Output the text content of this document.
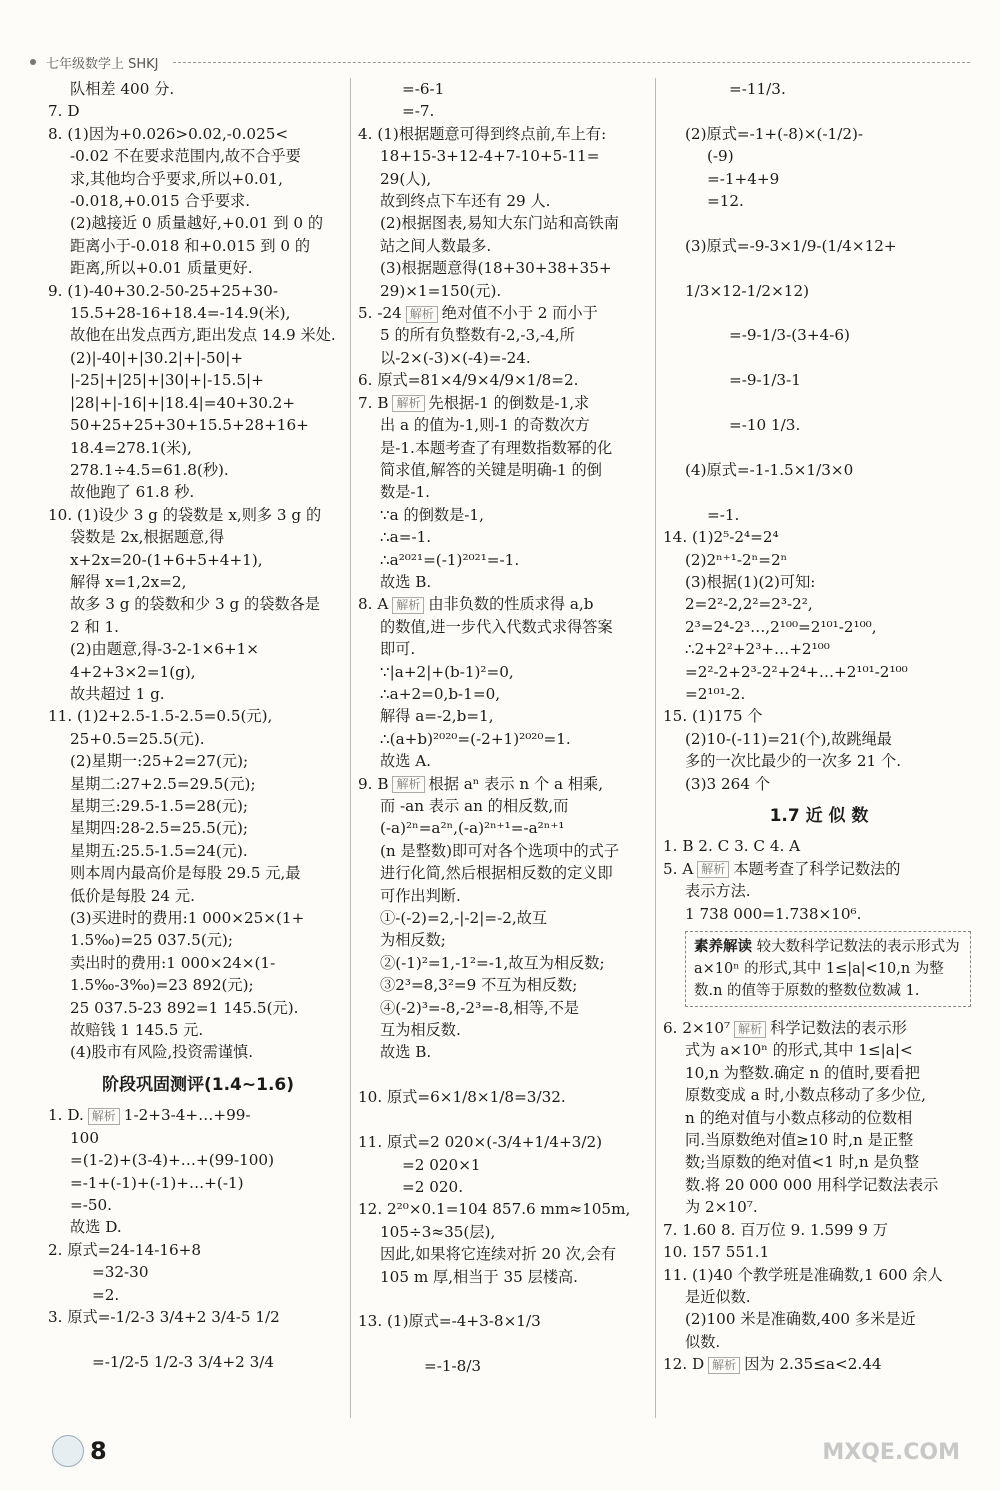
七年级数学上 SHKJ
队相差 400 分.
7. D
8. (1)因为+0.026>0.02,-0.025<
-0.02 不在要求范围内,故不合乎要
求,其他均合乎要求,所以+0.01,
-0.018,+0.015 合乎要求.
(2)越接近 0 质量越好,+0.01 到 0 的
距离小于-0.018 和+0.015 到 0 的
距离,所以+0.01 质量更好.
9. (1)-40+30.2-50-25+25+30-
15.5+28-16+18.4=-14.9(米),
故他在出发点西方,距出发点 14.9 米处.
(2)|-40|+|30.2|+|-50|+
|-25|+|25|+|30|+|-15.5|+
|28|+|-16|+|18.4|=40+30.2+
50+25+25+30+15.5+28+16+
18.4=278.1(米),
278.1÷4.5=61.8(秒).
故他跑了 61.8 秒.
10. (1)设少 3 g 的袋数是 x,则多 3 g 的
袋数是 2x,根据题意,得
x+2x=20-(1+6+5+4+1),
解得 x=1,2x=2,
故多 3 g 的袋数和少 3 g 的袋数各是
2 和 1.
(2)由题意,得-3-2-1×6+1×
4+2+3×2=1(g),
故共超过 1 g.
11. (1)2+2.5-1.5-2.5=0.5(元),
25+0.5=25.5(元).
(2)星期一:25+2=27(元);
星期二:27+2.5=29.5(元);
星期三:29.5-1.5=28(元);
星期四:28-2.5=25.5(元);
星期五:25.5-1.5=24(元).
则本周内最高价是每股 29.5 元,最
低价是每股 24 元.
(3)买进时的费用:1 000×25×(1+
1.5‰)=25 037.5(元);
卖出时的费用:1 000×24×(1-
1.5‰-3‰)=23 892(元);
25 037.5-23 892=1 145.5(元).
故赔钱 1 145.5 元.
(4)股市有风险,投资需谨慎.
阶段巩固测评(1.4~1.6)
1. D. 解析 1-2+3-4+…+99-
100
=(1-2)+(3-4)+…+(99-100)
=-1+(-1)+(-1)+…+(-1)
=-50.
故选 D.
2. 原式=24-14-16+8
=32-30
=2.
3. 原式=-1/2-3 3/4+2 3/4-5 1/2

=-1/2-5 1/2-3 3/4+2 3/4
=-6-1
=-7.
4. (1)根据题意可得到终点前,车上有:
18+15-3+12-4+7-10+5-11=
29(人),
故到终点下车还有 29 人.
(2)根据图表,易知大东门站和高铁南
站之间人数最多.
(3)根据题意得(18+30+38+35+
29)×1=150(元).
5. -24 解析 绝对值不小于 2 而小于
5 的所有负整数有-2,-3,-4,所
以-2×(-3)×(-4)=-24.
6. 原式=81×4/9×4/9×1/8=2.
7. B 解析 先根据-1 的倒数是-1,求
出 a 的值为-1,则-1 的奇数次方
是-1.本题考查了有理数指数幂的化
简求值,解答的关键是明确-1 的倒
数是-1.
∵a 的倒数是-1,
∴a=-1.
∴a²⁰²¹=(-1)²⁰²¹=-1.
故选 B.
8. A 解析 由非负数的性质求得 a,b
的数值,进一步代入代数式求得答案
即可.
∵|a+2|+(b-1)²=0,
∴a+2=0,b-1=0,
解得 a=-2,b=1,
∴(a+b)²⁰²⁰=(-2+1)²⁰²⁰=1.
故选 A.
9. B 解析 根据 aⁿ 表示 n 个 a 相乘,
而 -an 表示 an 的相反数,而
(-a)²ⁿ=a²ⁿ,(-a)²ⁿ⁺¹=-a²ⁿ⁺¹
(n 是整数)即可对各个选项中的式子
进行化简,然后根据相反数的定义即
可作出判断.
①-(-2)=2,-|-2|=-2,故互
为相反数;
②(-1)²=1,-1²=-1,故互为相反数;
③2³=8,3²=9 不互为相反数;
④(-2)³=-8,-2³=-8,相等,不是
互为相反数.
故选 B.

10. 原式=6×1/8×1/8=3/32.

11. 原式=2 020×(-3/4+1/4+3/2)
=2 020×1
=2 020.
12. 2²⁰×0.1=104 857.6 mm≈105m,
105÷3≈35(层),
因此,如果将它连续对折 20 次,会有
105 m 厚,相当于 35 层楼高.

13. (1)原式=-4+3-8×1/3

=-1-8/3
=-11/3.

(2)原式=-1+(-8)×(-1/2)-
(-9)
=-1+4+9
=12.

(3)原式=-9-3×1/9-(1/4×12+

1/3×12-1/2×12)

=-9-1/3-(3+4-6)

=-9-1/3-1

=-10 1/3.

(4)原式=-1-1.5×1/3×0

=-1.
14. (1)2⁵-2⁴=2⁴
(2)2ⁿ⁺¹-2ⁿ=2ⁿ
(3)根据(1)(2)可知:
2=2²-2,2²=2³-2²,
2³=2⁴-2³…,2¹⁰⁰=2¹⁰¹-2¹⁰⁰,
∴2+2²+2³+…+2¹⁰⁰
=2²-2+2³-2²+2⁴+…+2¹⁰¹-2¹⁰⁰
=2¹⁰¹-2.
15. (1)175 个
(2)10-(-11)=21(个),故跳绳最
多的一次比最少的一次多 21 个.
(3)3 264 个
1.7 近 似 数
1. B 2. C 3. C 4. A
5. A 解析 本题考查了科学记数法的
表示方法.
1 738 000=1.738×10⁶.
素养解读 较大数科学记数法的表示形式为 a×10ⁿ 的形式,其中 1≤|a|<10,n 为整数.n 的值等于原数的整数位数减 1.
6. 2×10⁷ 解析 科学记数法的表示形
式为 a×10ⁿ 的形式,其中 1≤|a|<
10,n 为整数.确定 n 的值时,要看把
原数变成 a 时,小数点移动了多少位,
n 的绝对值与小数点移动的位数相
同.当原数绝对值≥10 时,n 是正整
数;当原数的绝对值<1 时,n 是负整
数.将 20 000 000 用科学记数法表示
为 2×10⁷.
7. 1.60 8. 百万位 9. 1.599 9 万
10. 157 551.1
11. (1)40 个教学班是准确数,1 600 余人
是近似数.
(2)100 米是准确数,400 多米是近
似数.
12. D 解析 因为 2.35≤a<2.44
8	MXQE.COM
